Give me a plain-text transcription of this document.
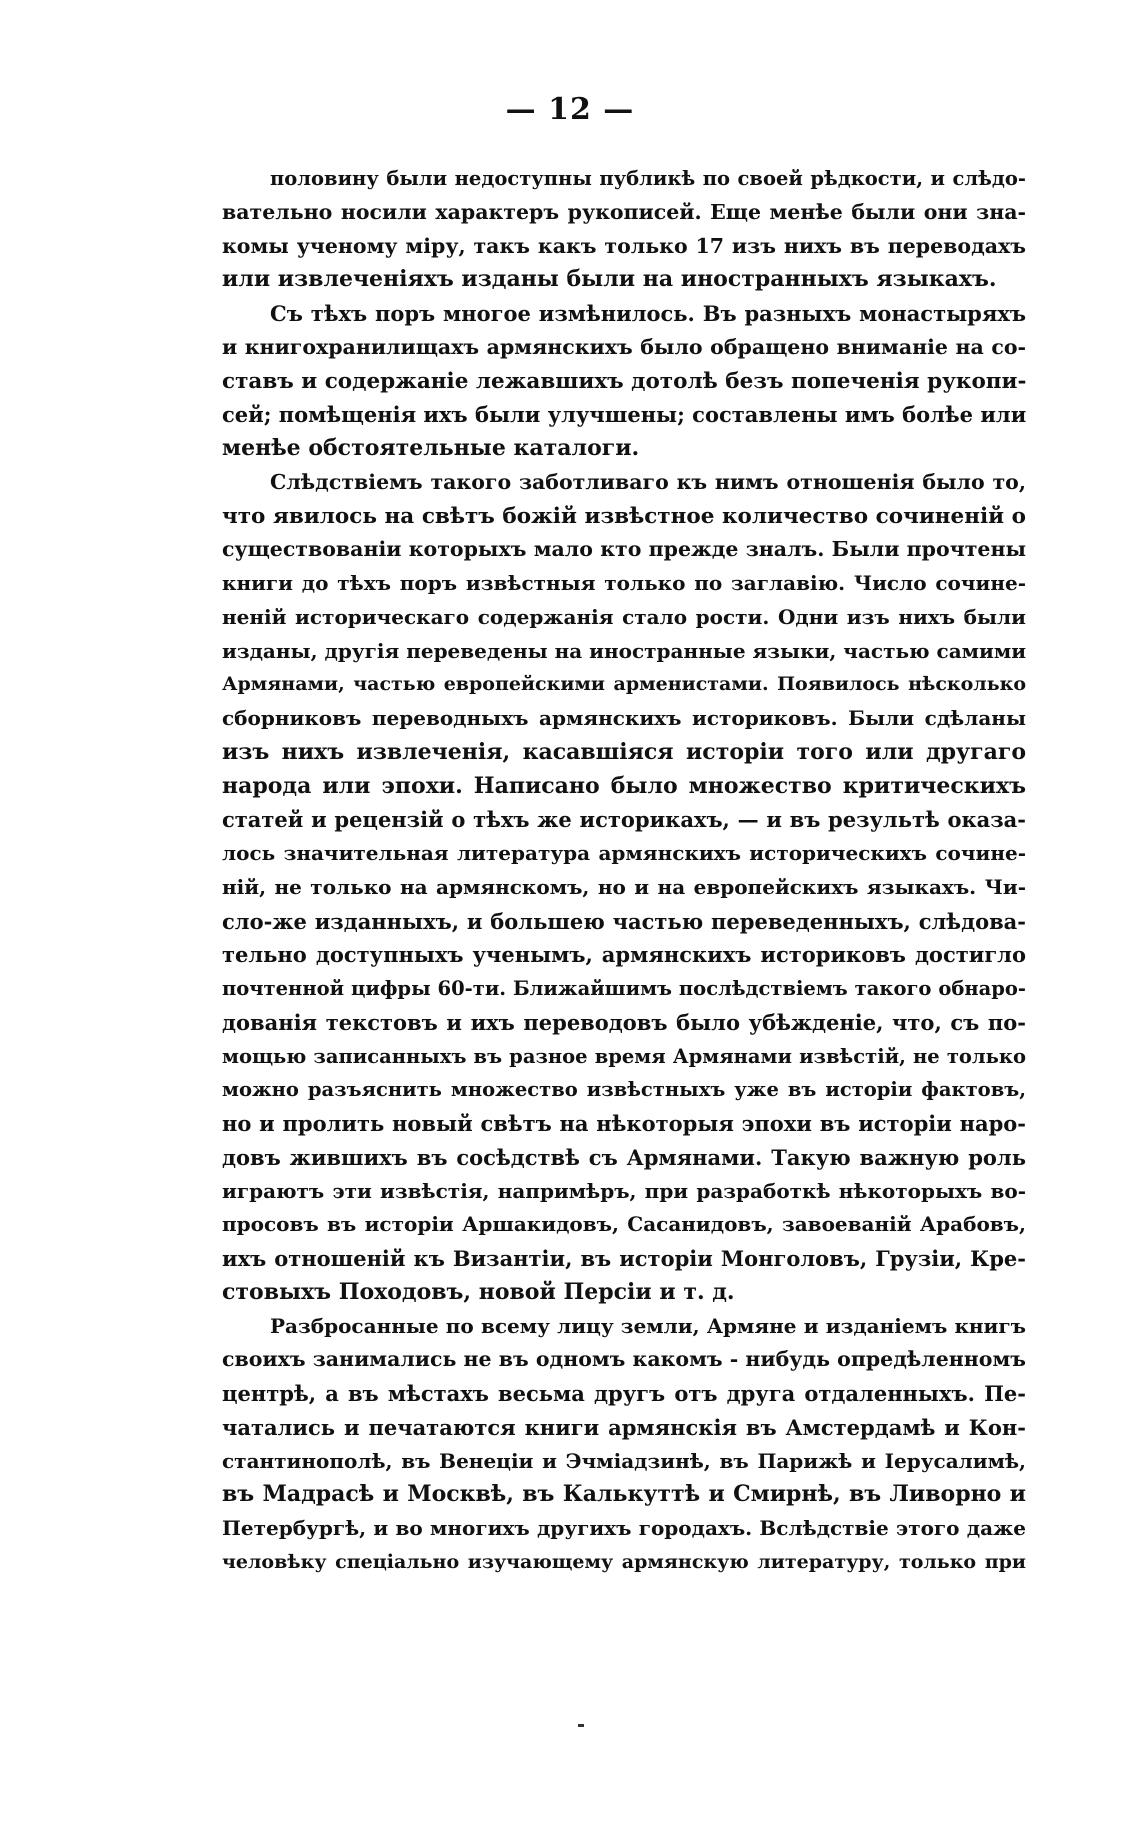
— 12 —
половину были недоступны публикѣ по своей рѣдкости, и слѣдо-
вательно носили характеръ рукописей. Еще менѣе были они зна-
комы ученому міру, такъ какъ только 17 изъ нихъ въ переводахъ
или извлеченіяхъ изданы были на иностранныхъ языкахъ.
Съ тѣхъ поръ многое измѣнилось. Въ разныхъ монастыряхъ
и книгохранилищахъ армянскихъ было обращено вниманіе на со-
ставъ и содержаніе лежавшихъ дотолѣ безъ попеченія рукопи-
сей; помѣщенія ихъ были улучшены; составлены имъ болѣе или
менѣе обстоятельные каталоги.
Слѣдствіемъ такого заботливаго къ нимъ отношенія было то,
что явилось на свѣтъ божій извѣстное количество сочиненій о
существованіи которыхъ мало кто прежде зналъ. Были прочтены
книги до тѣхъ поръ извѣстныя только по заглавію. Число сочине-
ненiй историческаго содержанія стало рости. Одни изъ нихъ были
изданы, другія переведены на иностранные языки, частью самими
Армянами, частью европейскими арменистами. Появилось нѣсколько
сборниковъ переводныхъ армянскихъ историковъ. Были сдѣланы
изъ нихъ извлеченія, касавшіяся исторіи того или другаго
народа или эпохи. Написано было множество критическихъ
статей и рецензій о тѣхъ же историкахъ, — и въ результѣ оказа-
лось значительная литература армянскихъ историческихъ сочине-
ній, не только на армянскомъ, но и на европейскихъ языкахъ. Чи-
сло-же изданныхъ, и большею частью переведенныхъ, слѣдова-
тельно доступныхъ ученымъ, армянскихъ историковъ достигло
почтенной цифры 60-ти. Ближайшимъ послѣдствіемъ такого обнаро-
дованія текстовъ и ихъ переводовъ было убѣжденіе, что, съ по-
мощью записанныхъ въ разное время Армянами извѣстій, не только
можно разъяснить множество извѣстныхъ уже въ исторіи фактовъ,
но и пролить новый свѣтъ на нѣкоторыя эпохи въ исторіи наро-
довъ жившихъ въ сосѣдствѣ съ Армянами. Такую важную роль
играютъ эти извѣстія, напримѣръ, при разработкѣ нѣкоторыхъ во-
просовъ въ исторіи Аршакидовъ, Сасанидовъ, завоеваній Арабовъ,
ихъ отношеній къ Византіи, въ исторіи Монголовъ, Грузіи, Кре-
стовыхъ Походовъ, новой Персіи и т. д.
Разбросанные по всему лицу земли, Армяне и изданіемъ книгъ
своихъ занимались не въ одномъ какомъ - нибудь опредѣленномъ
центрѣ, а въ мѣстахъ весьма другъ отъ друга отдаленныхъ. Пе-
чатались и печатаются книги армянскія въ Амстердамѣ и Кон-
стантинополѣ, въ Венеціи и Эчміадзинѣ, въ Парижѣ и Іерусалимѣ,
въ Мадрасѣ и Москвѣ, въ Калькуттѣ и Смирнѣ, въ Ливорно и
Петербургѣ, и во многихъ другихъ городахъ. Вслѣдствіе этого даже
человѣку спеціально изучающему армянскую литературу, только при
